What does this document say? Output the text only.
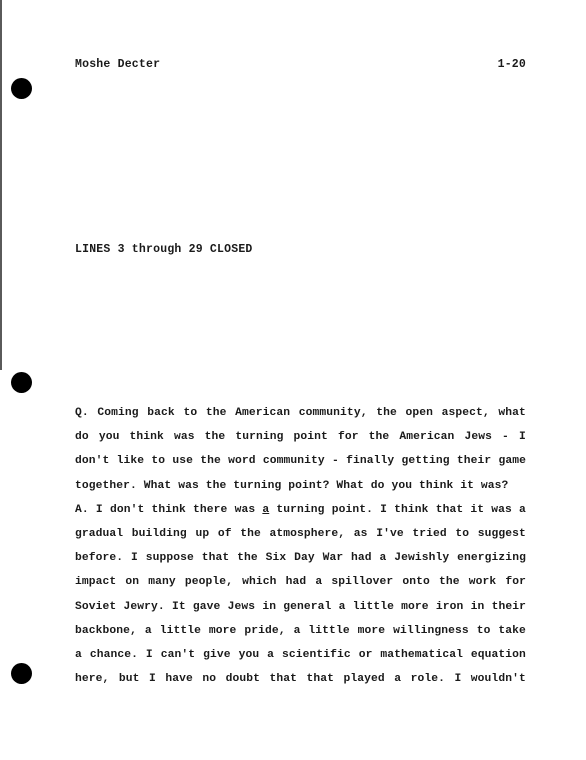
Moshe Decter	1-20
LINES 3 through 29 CLOSED
Q. Coming back to the American community, the open aspect, what
do you think was the turning point for the American Jews - I
don't like to use the word community - finally getting their game
together. What was the turning point? What do you think it was?
A. I don't think there was a turning point. I think that it was a
gradual building up of the atmosphere, as I've tried to suggest
before. I suppose that the Six Day War had a Jewishly energizing
impact on many people, which had a spillover onto the work for
Soviet Jewry. It gave Jews in general a little more iron in their
backbone, a little more pride, a little more willingness to take
a chance. I can't give you a scientific or mathematical equation
here, but I have no doubt that that played a role. I wouldn't
